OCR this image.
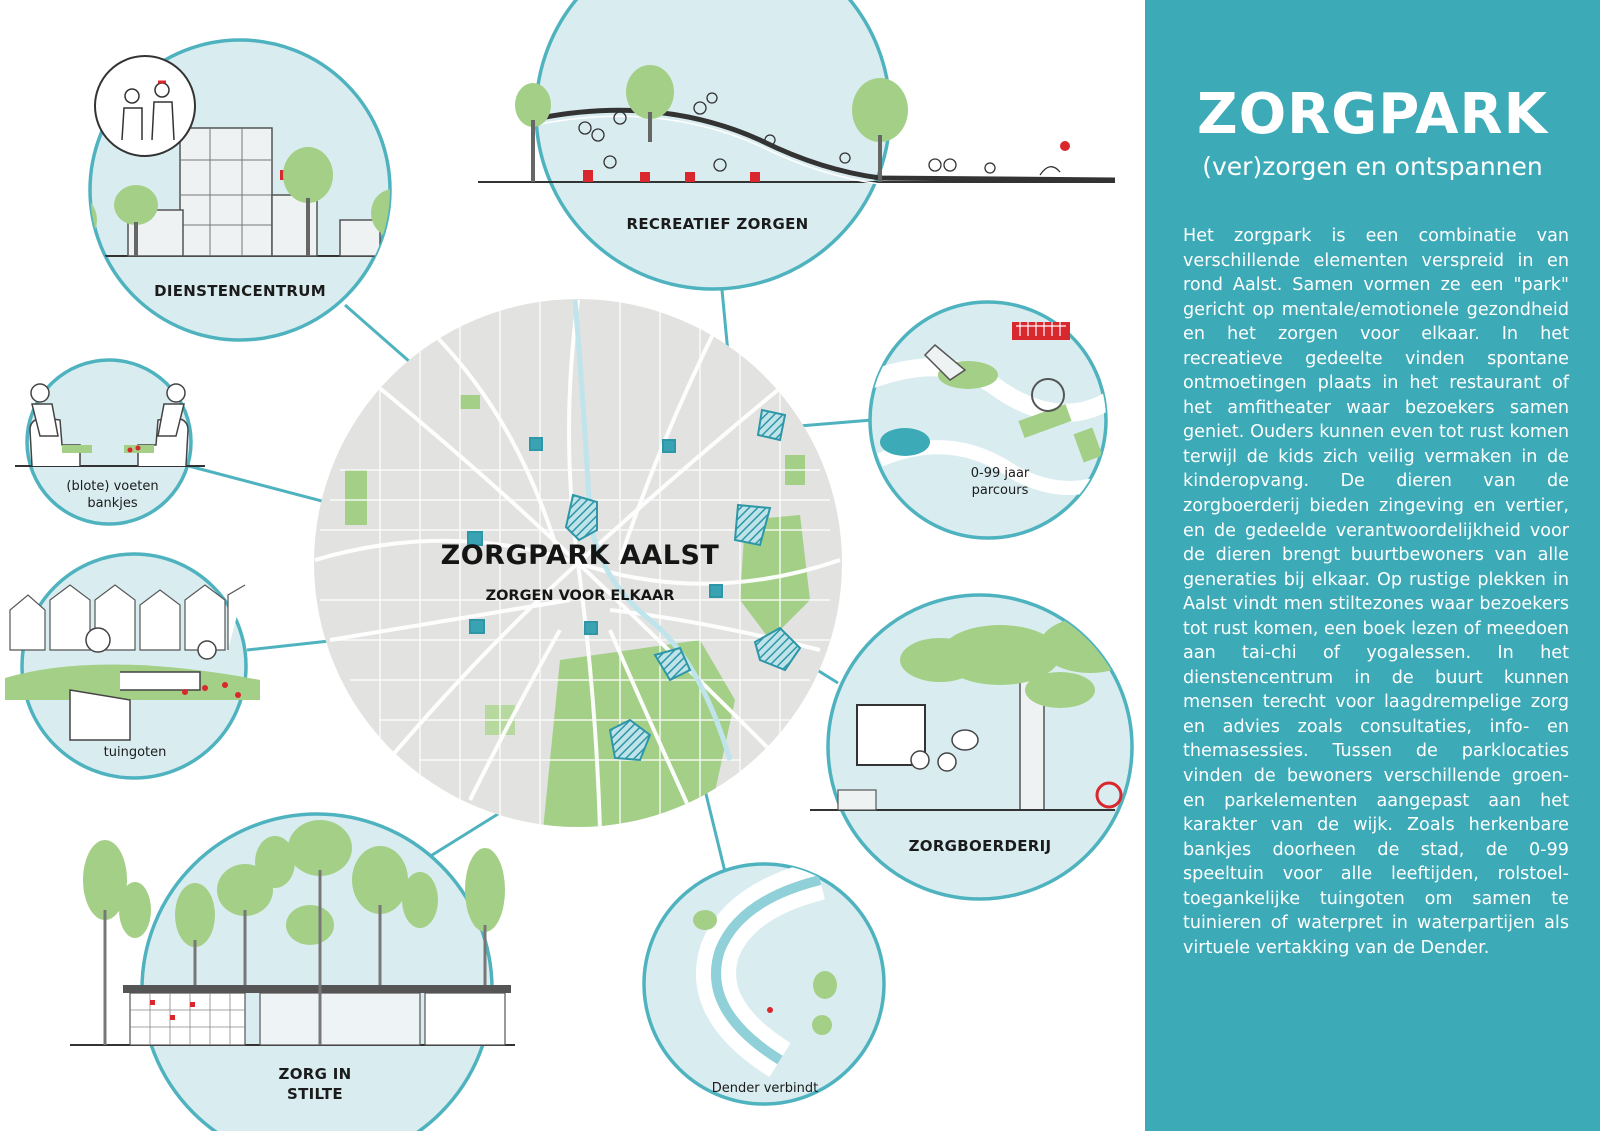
ZORGPARK AALST
ZORGEN VOOR ELKAAR
DIENSTENCENTRUM
RECREATIEF ZORGEN
0-99 jaar
parcours
(blote) voeten
bankjes
tuingoten
ZORGBOERDERIJ
ZORG IN
STILTE	Dender verbindt
ZORGPARK
(ver)zorgen en ontspannen
Het zorgpark is een combinatie van verschillende elementen verspreid in en rond Aalst. Samen vormen ze een "park" gericht op mentale/emotionele gezondheid en het zorgen voor elkaar. In het recreatieve gedeelte vinden spontane ontmoetingen plaats in het restaurant of het amfitheater waar bezoekers samen geniet. Ouders kunnen even tot rust komen terwijl de kids zich veilig vermaken in de kinderopvang. De dieren van de zorgboerderij bieden zingeving en vertier, en de gedeelde verantwoordelijkheid voor de dieren brengt buurtbewoners van alle generaties bij elkaar. Op rustige plekken in Aalst vindt men stiltezones waar bezoekers tot rust komen, een boek lezen of meedoen aan tai-chi of yogalessen. In het dienstencentrum in de buurt kunnen mensen terecht voor laagdrempelige zorg en advies zoals consultaties, info- en themasessies. Tussen de parklocaties vinden de bewoners verschillende groen- en parkelementen aangepast aan het karakter van de wijk. Zoals herkenbare bankjes doorheen de stad, de 0-99 speeltuin voor alle leeftijden, rolstoel-toegankelijke tuingoten om samen te tuinieren of waterpret in waterpartijen als virtuele vertakking van de Dender.
